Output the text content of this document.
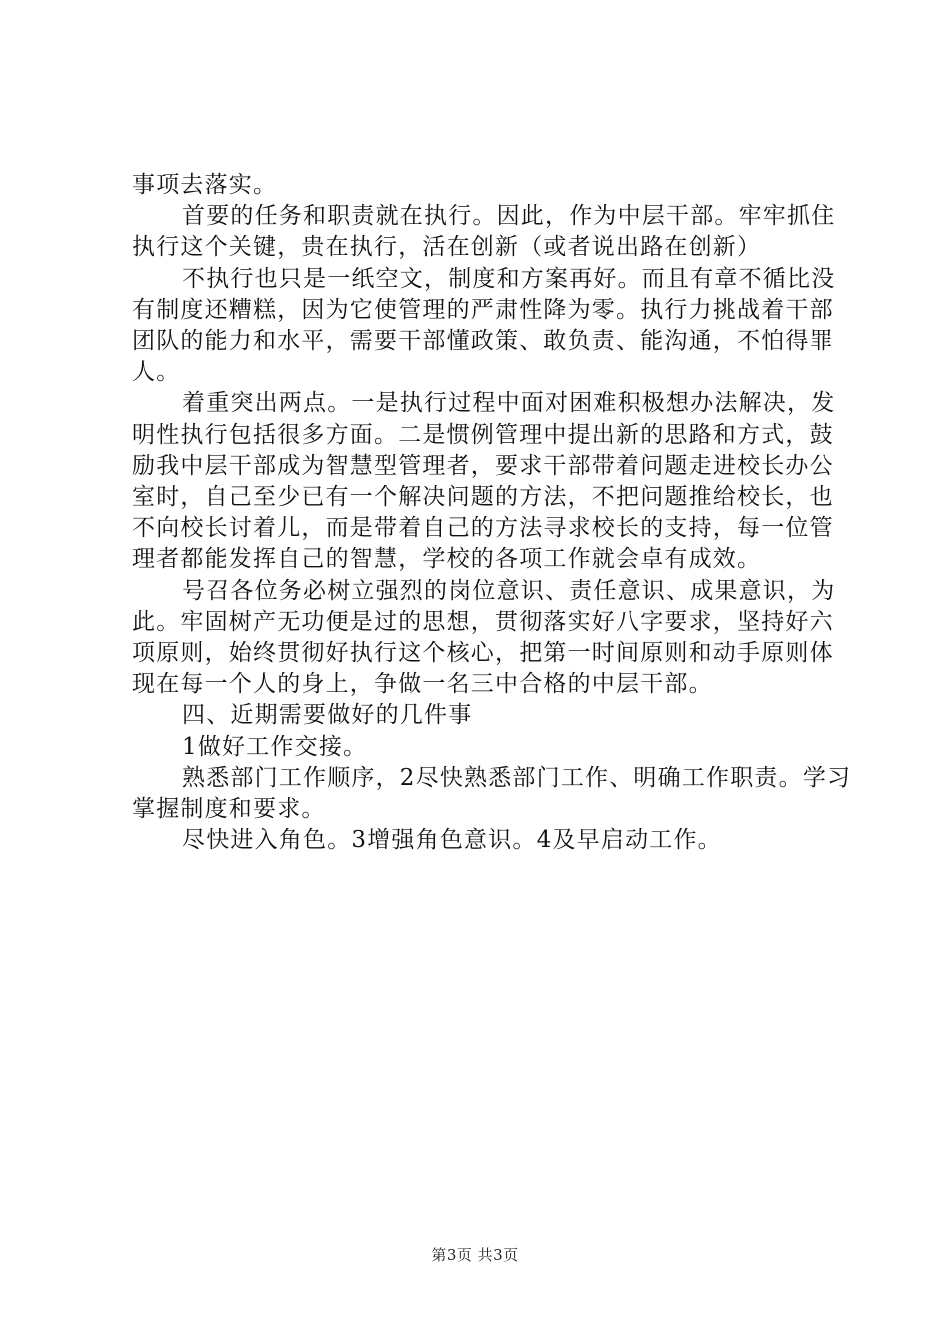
事项去落实。

首要的任务和职责就在执行。因此，作为中层干部。牢牢抓住执行这个关键，贵在执行，活在创新（或者说出路在创新）

不执行也只是一纸空文，制度和方案再好。而且有章不循比没有制度还糟糕，因为它使管理的严肃性降为零。执行力挑战着干部团队的能力和水平，需要干部懂政策、敢负责、能沟通，不怕得罪人。

着重突出两点。一是执行过程中面对困难积极想办法解决，发明性执行包括很多方面。二是惯例管理中提出新的思路和方式，鼓励我中层干部成为智慧型管理者，要求干部带着问题走进校长办公室时，自己至少已有一个解决问题的方法，不把问题推给校长，也不向校长讨着儿，而是带着自己的方法寻求校长的支持，每一位管理者都能发挥自己的智慧，学校的各项工作就会卓有成效。

号召各位务必树立强烈的岗位意识、责任意识、成果意识，为此。牢固树产无功便是过的思想，贯彻落实好八字要求，坚持好六项原则，始终贯彻好执行这个核心，把第一时间原则和动手原则体现在每一个人的身上，争做一名三中合格的中层干部。

四、近期需要做好的几件事

1做好工作交接。

熟悉部门工作顺序，2尽快熟悉部门工作、明确工作职责。学习掌握制度和要求。

尽快进入角色。3增强角色意识。4及早启动工作。

第3页 共3页
